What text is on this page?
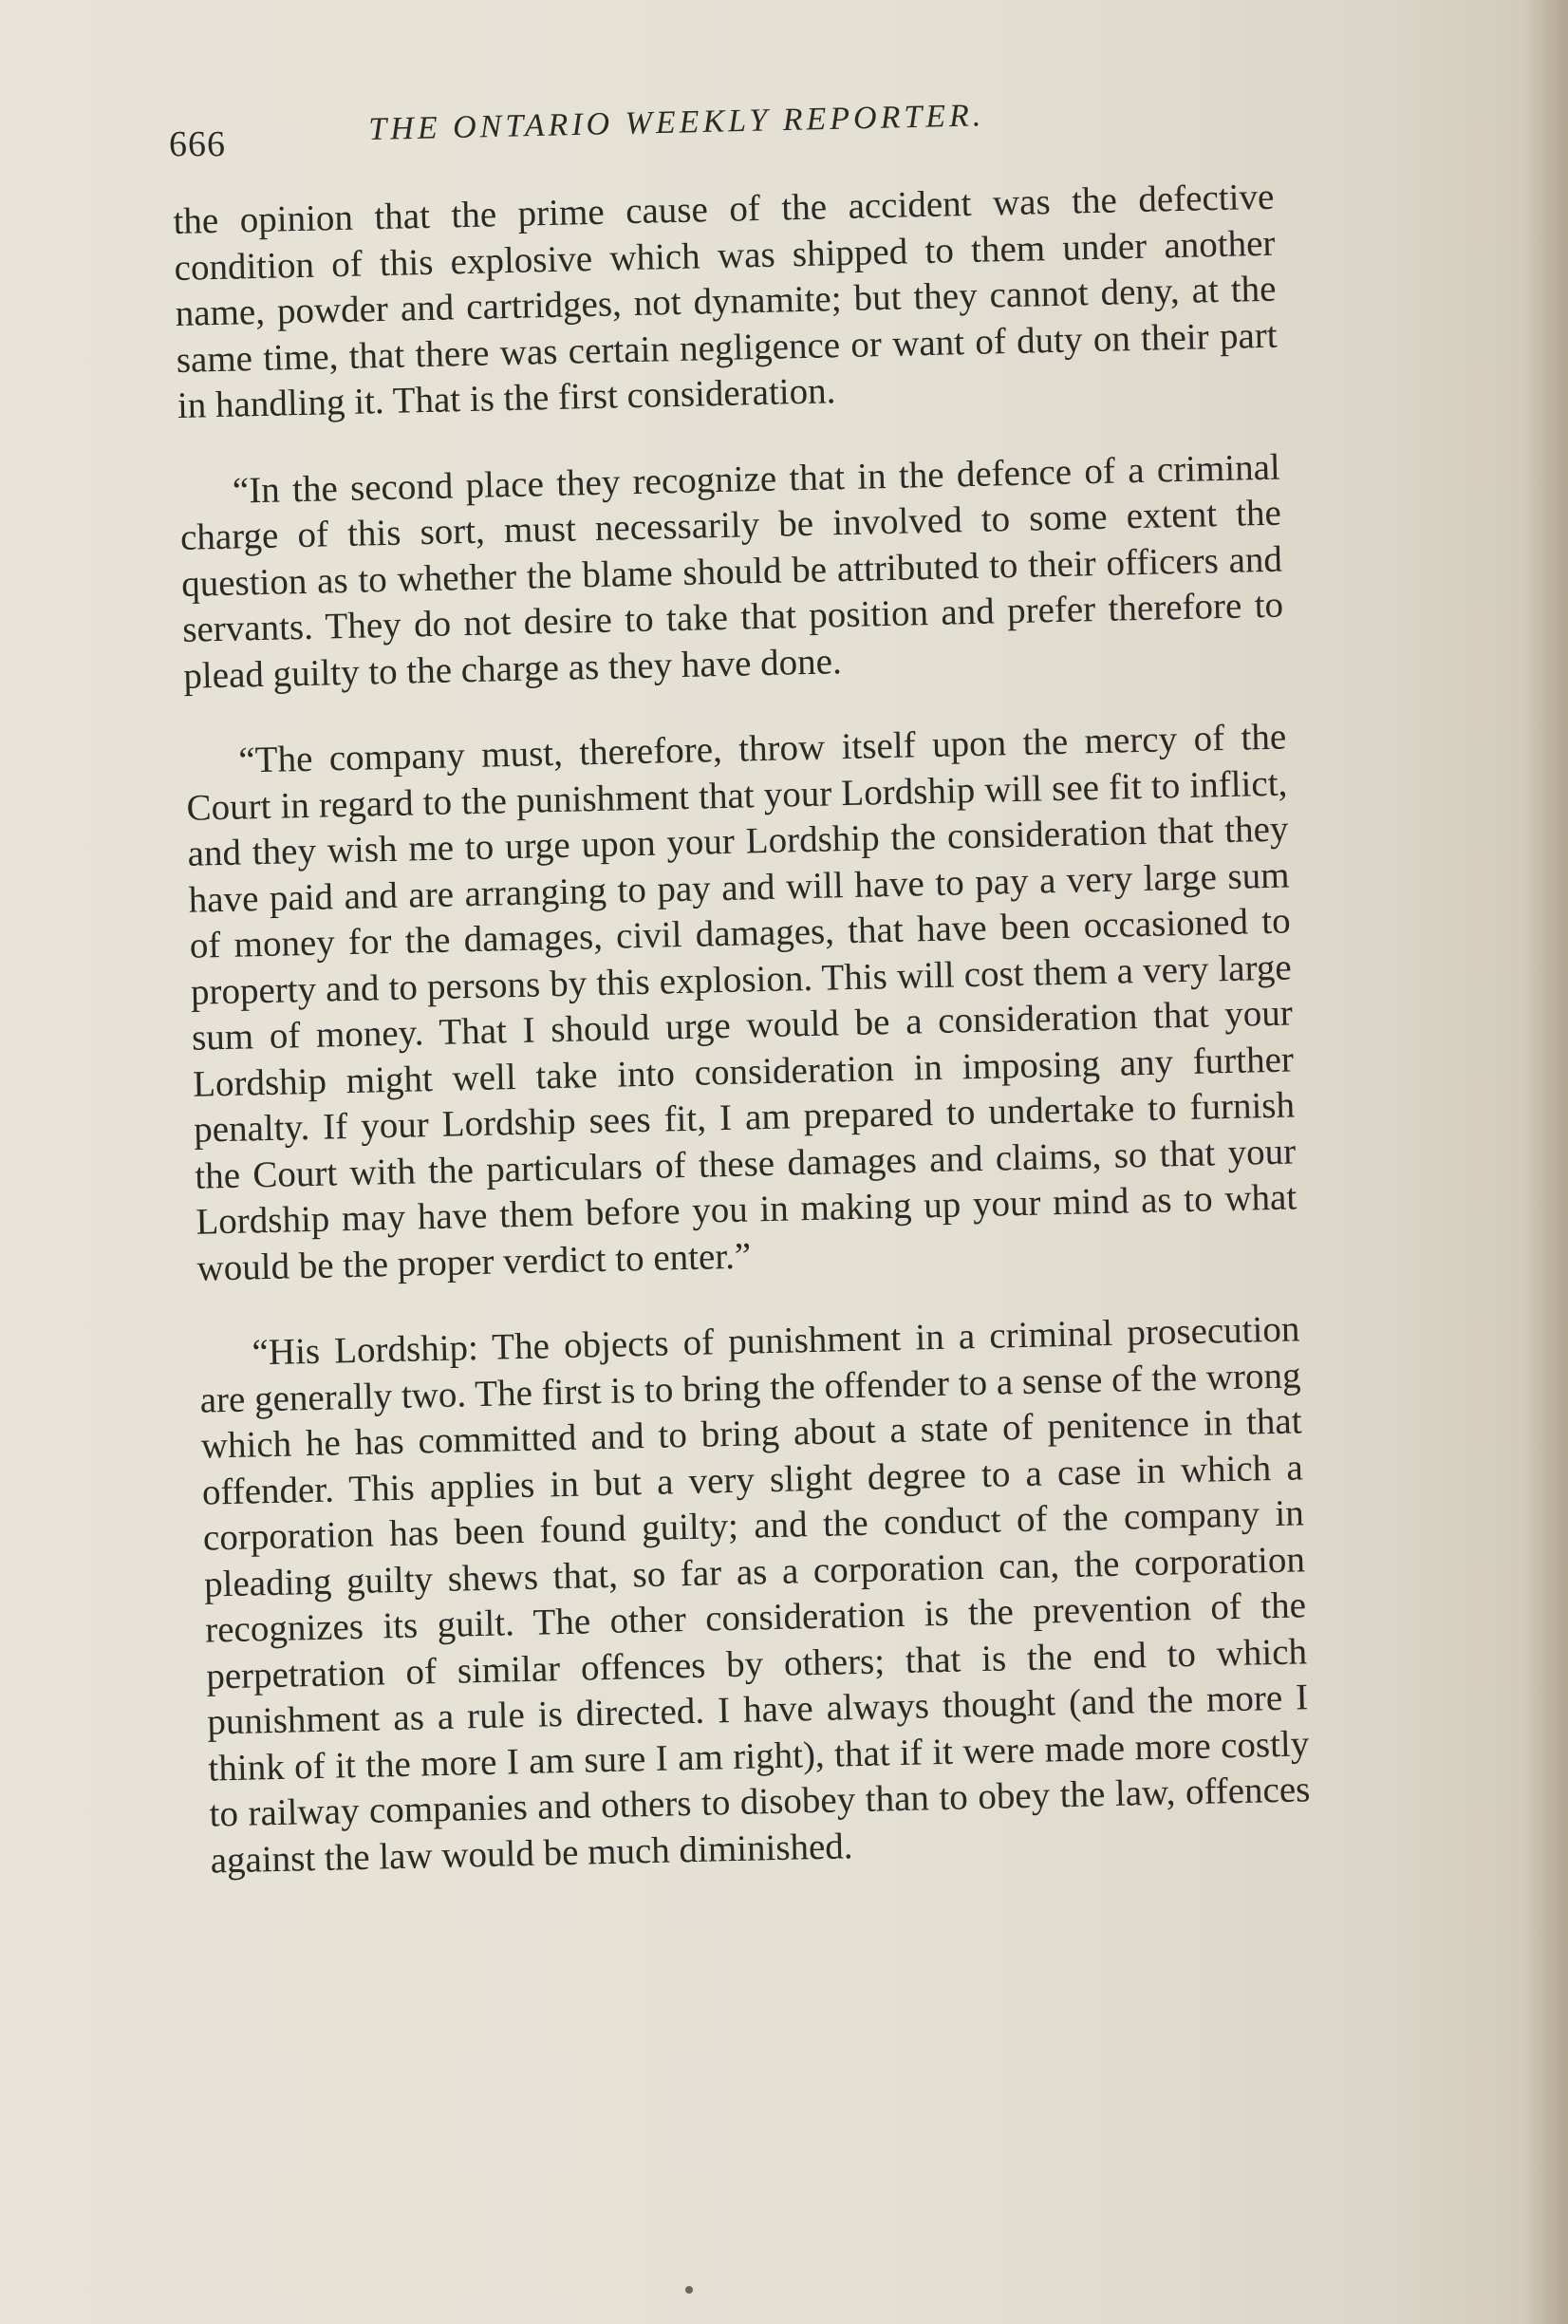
666	THE ONTARIO WEEKLY REPORTER.

the opinion that the prime cause of the accident was the defective condition of this explosive which was shipped to them under another name, powder and cartridges, not dynamite; but they cannot deny, at the same time, that there was certain negligence or want of duty on their part in handling it. That is the first consideration.

“In the second place they recognize that in the defence of a criminal charge of this sort, must necessarily be involved to some extent the question as to whether the blame should be attributed to their officers and servants. They do not desire to take that position and prefer therefore to plead guilty to the charge as they have done.

“The company must, therefore, throw itself upon the mercy of the Court in regard to the punishment that your Lordship will see fit to inflict, and they wish me to urge upon your Lordship the consideration that they have paid and are arranging to pay and will have to pay a very large sum of money for the damages, civil damages, that have been occasioned to property and to persons by this explosion. This will cost them a very large sum of money. That I should urge would be a consideration that your Lordship might well take into consideration in imposing any further penalty. If your Lordship sees fit, I am prepared to undertake to furnish the Court with the particulars of these damages and claims, so that your Lordship may have them before you in making up your mind as to what would be the proper verdict to enter.”

“His Lordship: The objects of punishment in a criminal prosecution are generally two. The first is to bring the offender to a sense of the wrong which he has committed and to bring about a state of penitence in that offender. This applies in but a very slight degree to a case in which a corporation has been found guilty; and the conduct of the company in pleading guilty shews that, so far as a corporation can, the corporation recognizes its guilt. The other consideration is the prevention of the perpetration of similar offences by others; that is the end to which punishment as a rule is directed. I have always thought (and the more I think of it the more I am sure I am right), that if it were made more costly to railway companies and others to disobey than to obey the law, offences against the law would be much diminished.
